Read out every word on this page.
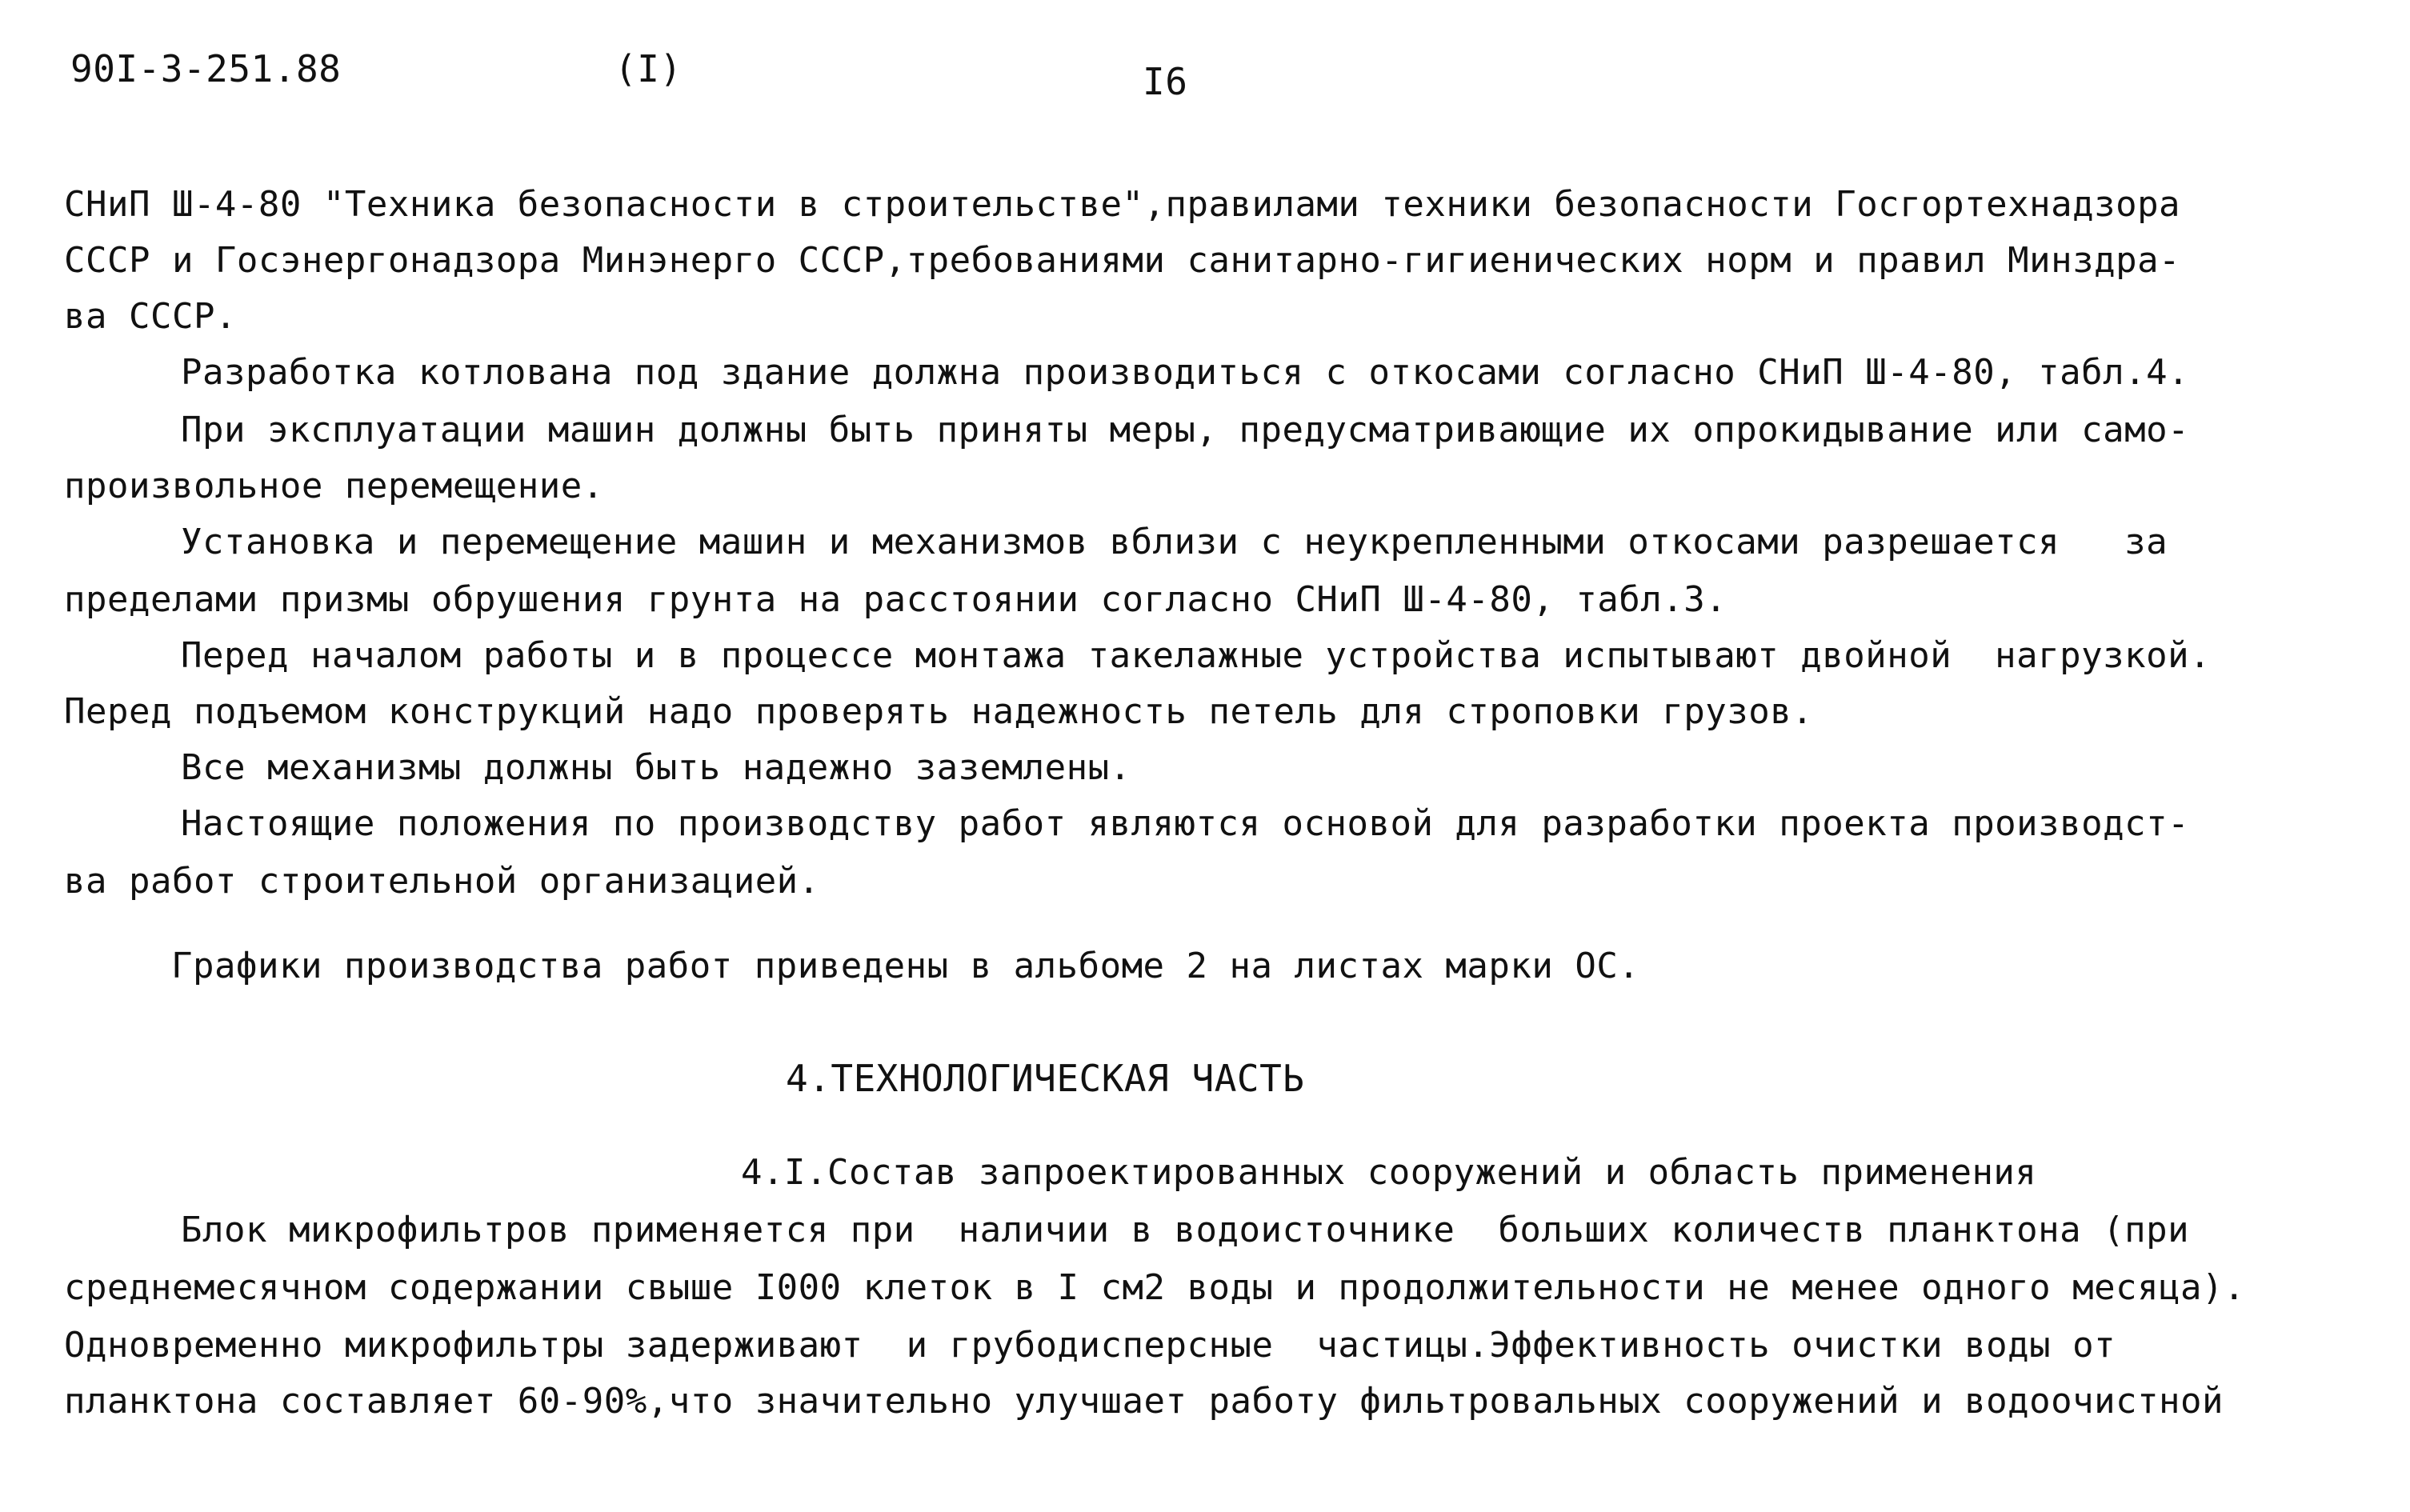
90I-3-251.88	(I)	I6
СНиП Ш-4-80 "Техника безопасности в строительстве",правилами техники безопасности Госгортехнадзора
СССР и Госэнергонадзора Минэнерго СССР,требованиями санитарно-гигиенических норм и правил Минздра-
ва СССР.
Разработка котлована под здание должна производиться с откосами согласно СНиП Ш-4-80, табл.4.
При эксплуатации машин должны быть приняты меры, предусматривающие их опрокидывание или само-
произвольное перемещение.
Установка и перемещение машин и механизмов вблизи с неукрепленными откосами разрешается   за
пределами призмы обрушения грунта на расстоянии согласно СНиП Ш-4-80, табл.3.
Перед началом работы и в процессе монтажа такелажные устройства испытывают двойной  нагрузкой.
Перед подъемом конструкций надо проверять надежность петель для строповки грузов.
Все механизмы должны быть надежно заземлены.
Настоящие положения по производству работ являются основой для разработки проекта производст-
ва работ строительной организацией.
Графики производства работ приведены в альбоме 2 на листах марки ОС.
4.ТЕХНОЛОГИЧЕСКАЯ ЧАСТЬ
4.I.Состав запроектированных сооружений и область применения
Блок микрофильтров применяется при  наличии в водоисточнике  больших количеств планктона (при
среднемесячном содержании свыше I000 клеток в I см2 воды и продолжительности не менее одного месяца).
Одновременно микрофильтры задерживают  и грубодисперсные  частицы.Эффективность очистки воды от
планктона составляет 60-90%,что значительно улучшает работу фильтровальных сооружений и водоочистной
